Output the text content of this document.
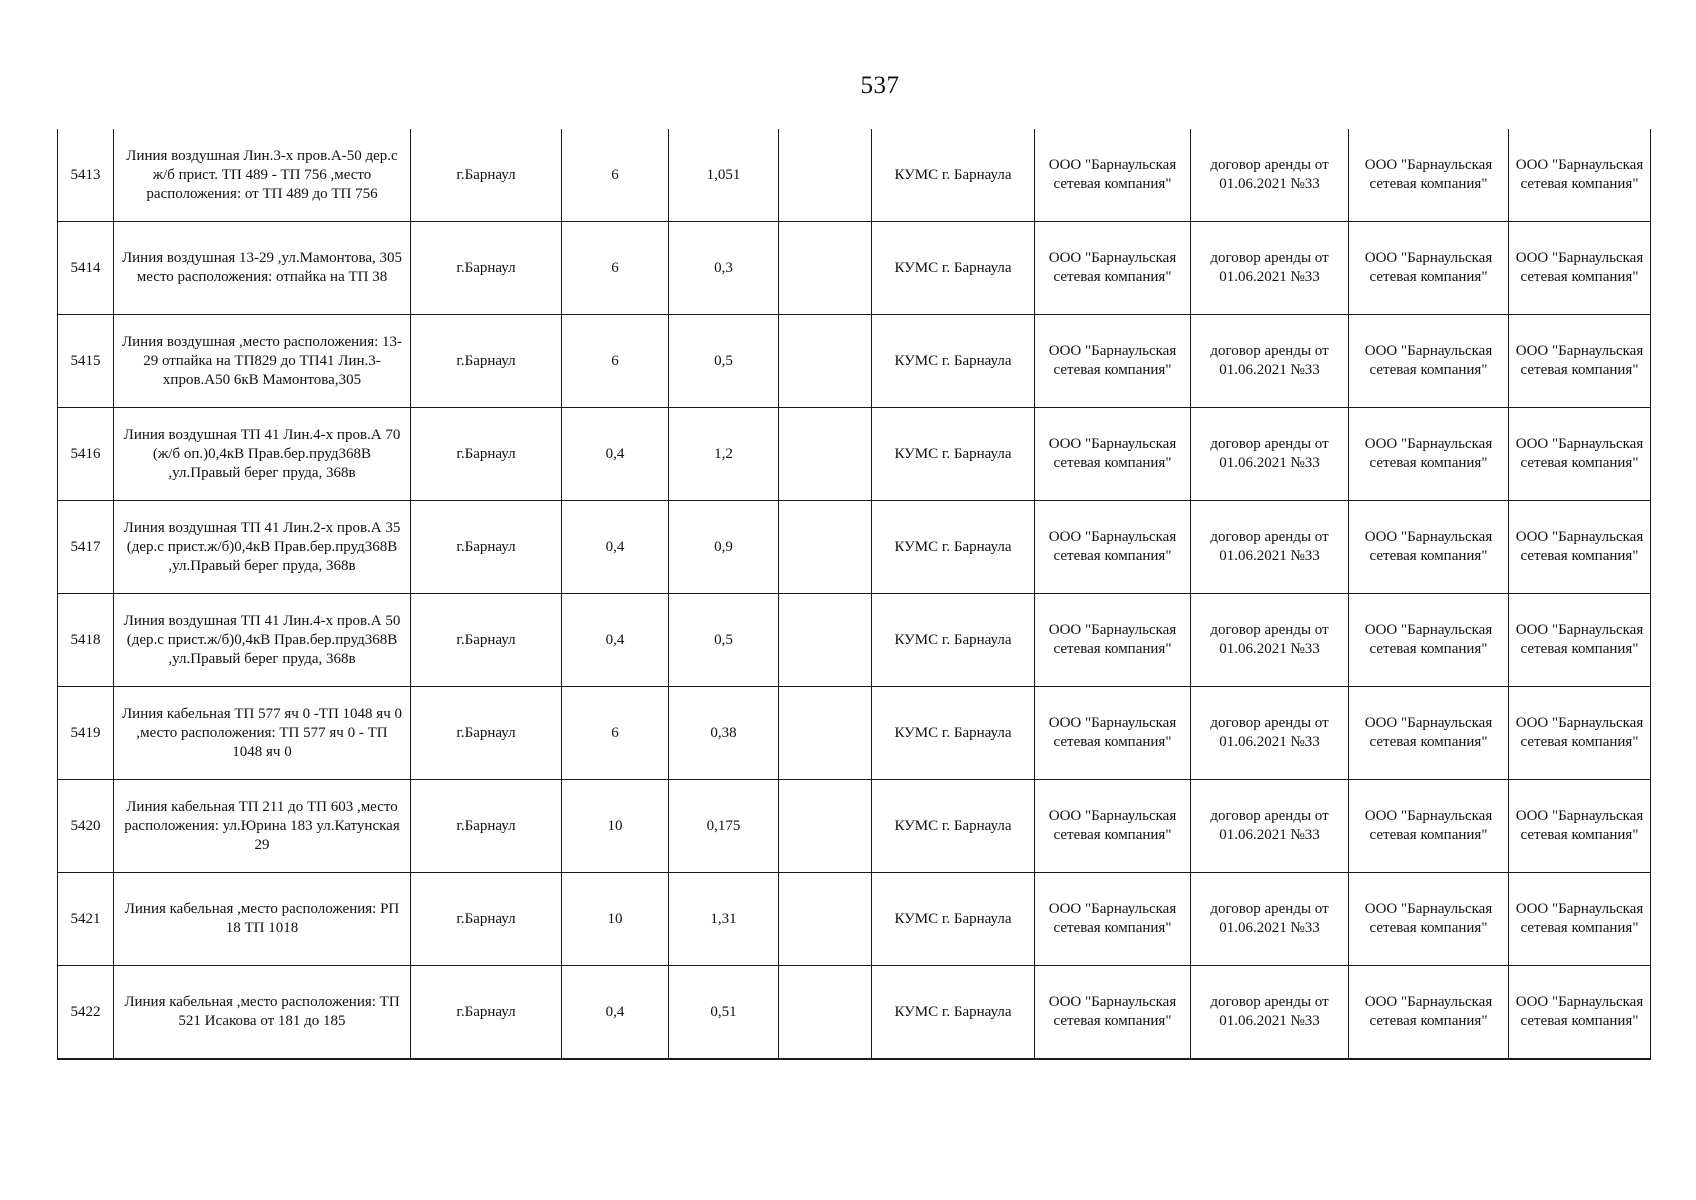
537
5413	Линия воздушная Лин.3-х пров.А-50 дер.с ж/б прист. ТП 489 - ТП 756 ,место расположения: от ТП 489 до ТП 756	г.Барнаул	6	1,051		КУМС г. Барнаула	ООО "Барнаульская сетевая компания"	договор аренды от 01.06.2021 №33	ООО "Барнаульская сетевая компания"	ООО "Барнаульская сетевая компания"
5414	Линия воздушная 13-29 ,ул.Мамонтова, 305 место расположения: отпайка на ТП 38	г.Барнаул	6	0,3		КУМС г. Барнаула	ООО "Барнаульская сетевая компания"	договор аренды от 01.06.2021 №33	ООО "Барнаульская сетевая компания"	ООО "Барнаульская сетевая компания"
5415	Линия воздушная ,место расположения: 13-29 отпайка на ТП829 до ТП41 Лин.3-хпров.А50 6кВ Мамонтова,305	г.Барнаул	6	0,5		КУМС г. Барнаула	ООО "Барнаульская сетевая компания"	договор аренды от 01.06.2021 №33	ООО "Барнаульская сетевая компания"	ООО "Барнаульская сетевая компания"
5416	Линия воздушная ТП 41 Лин.4-х пров.А 70 (ж/б оп.)0,4кВ Прав.бер.пруд368В ,ул.Правый берег пруда, 368в	г.Барнаул	0,4	1,2		КУМС г. Барнаула	ООО "Барнаульская сетевая компания"	договор аренды от 01.06.2021 №33	ООО "Барнаульская сетевая компания"	ООО "Барнаульская сетевая компания"
5417	Линия воздушная ТП 41 Лин.2-х пров.А 35 (дер.с прист.ж/б)0,4кВ Прав.бер.пруд368В ,ул.Правый берег пруда, 368в	г.Барнаул	0,4	0,9		КУМС г. Барнаула	ООО "Барнаульская сетевая компания"	договор аренды от 01.06.2021 №33	ООО "Барнаульская сетевая компания"	ООО "Барнаульская сетевая компания"
5418	Линия воздушная ТП 41 Лин.4-х пров.А 50 (дер.с прист.ж/б)0,4кВ Прав.бер.пруд368В ,ул.Правый берег пруда, 368в	г.Барнаул	0,4	0,5		КУМС г. Барнаула	ООО "Барнаульская сетевая компания"	договор аренды от 01.06.2021 №33	ООО "Барнаульская сетевая компания"	ООО "Барнаульская сетевая компания"
5419	Линия кабельная ТП 577 яч 0 -ТП 1048 яч 0 ,место расположения: ТП 577 яч 0 - ТП 1048 яч 0	г.Барнаул	6	0,38		КУМС г. Барнаула	ООО "Барнаульская сетевая компания"	договор аренды от 01.06.2021 №33	ООО "Барнаульская сетевая компания"	ООО "Барнаульская сетевая компания"
5420	Линия кабельная ТП 211 до ТП 603 ,место расположения: ул.Юрина 183 ул.Катунская 29	г.Барнаул	10	0,175		КУМС г. Барнаула	ООО "Барнаульская сетевая компания"	договор аренды от 01.06.2021 №33	ООО "Барнаульская сетевая компания"	ООО "Барнаульская сетевая компания"
5421	Линия кабельная ,место расположения: РП 18 ТП 1018	г.Барнаул	10	1,31		КУМС г. Барнаула	ООО "Барнаульская сетевая компания"	договор аренды от 01.06.2021 №33	ООО "Барнаульская сетевая компания"	ООО "Барнаульская сетевая компания"
5422	Линия кабельная ,место расположения: ТП 521 Исакова от 181 до 185	г.Барнаул	0,4	0,51		КУМС г. Барнаула	ООО "Барнаульская сетевая компания"	договор аренды от 01.06.2021 №33	ООО "Барнаульская сетевая компания"	ООО "Барнаульская сетевая компания"
